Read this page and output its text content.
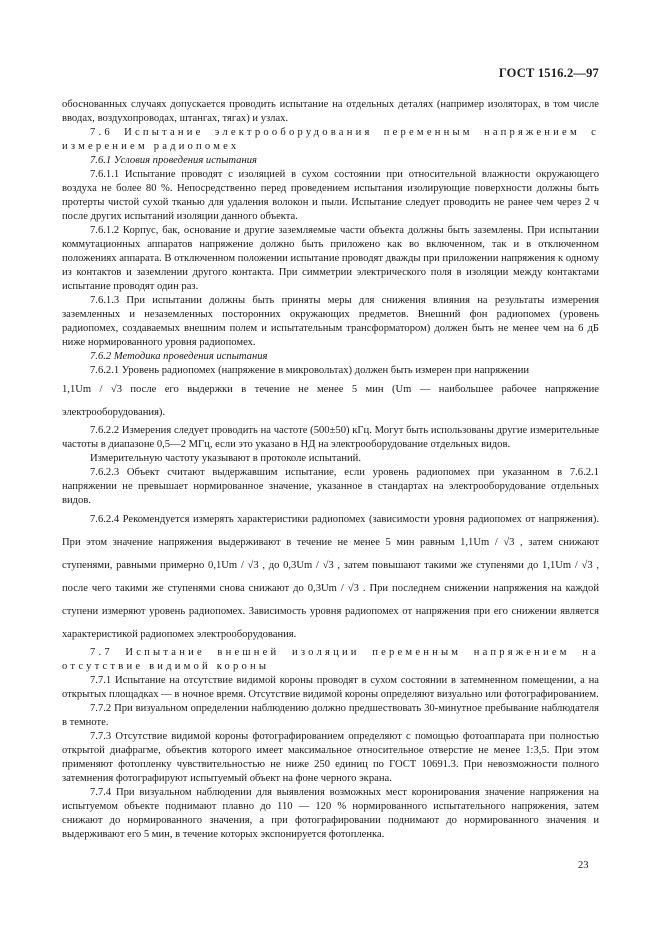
ГОСТ 1516.2—97

обоснованных случаях допускается проводить испытание на отдельных деталях (например изоляторах, в том числе вводах, воздухопроводах, штангах, тягах) и узлах.

7.6 Испытание электрооборудования переменным напряжением с измерением радиопомех

7.6.1 Условия проведения испытания

7.6.1.1 Испытание проводят с изоляцией в сухом состоянии при относительной влажности окружающего воздуха не более 80 %. Непосредственно перед проведением испытания изолирующие поверхности должны быть протерты чистой сухой тканью для удаления волокон и пыли. Испытание следует проводить не ранее чем через 2 ч после других испытаний изоляции данного объекта.

7.6.1.2 Корпус, бак, основание и другие заземляемые части объекта должны быть заземлены. При испытании коммутационных аппаратов напряжение должно быть приложено как во включенном, так и в отключенном положениях аппарата. В отключенном положении испытание проводят дважды при приложении напряжения к одному из контактов и заземлении другого контакта. При симметрии электрического поля в изоляции между контактами испытание проводят один раз.

7.6.1.3 При испытании должны быть приняты меры для снижения влияния на результаты измерения заземленных и незаземленных посторонних окружающих предметов. Внешний фон радиопомех (уровень радиопомех, создаваемых внешним полем и испытательным трансформатором) должен быть не менее чем на 6 дБ ниже нормированного уровня радиопомех.

7.6.2 Методика проведения испытания

7.6.2.1 Уровень радиопомех (напряжение в микровольтах) должен быть измерен при напряжении

1,1Um / √3 после его выдержки в течение не менее 5 мин (Um — наибольшее рабочее напряжение электрооборудования).

7.6.2.2 Измерения следует проводить на частоте (500±50) кГц. Могут быть использованы другие измерительные частоты в диапазоне 0,5—2 МГц, если это указано в НД на электрооборудование отдельных видов.

Измерительную частоту указывают в протоколе испытаний.

7.6.2.3 Объект считают выдержавшим испытание, если уровень радиопомех при указанном в 7.6.2.1 напряжении не превышает нормированное значение, указанное в стандартах на электрооборудование отдельных видов.

7.6.2.4 Рекомендуется измерять характеристики радиопомех (зависимости уровня радиопомех от напряжения). При этом значение напряжения выдерживают в течение не менее 5 мин равным 1,1Um / √3 , затем снижают ступенями, равными примерно 0,1Um / √3 , до 0,3Um / √3 , затем повышают такими же ступенями до 1,1Um / √3 , после чего такими же ступенями снова снижают до 0,3Um / √3 . При последнем снижении напряжения на каждой ступени измеряют уровень радиопомех. Зависимость уровня радиопомех от напряжения при его снижении является характеристикой радиопомех электрооборудования.

7.7 Испытание внешней изоляции переменным напряжением на отсутствие видимой короны

7.7.1 Испытание на отсутствие видимой короны проводят в сухом состоянии в затемненном помещении, а на открытых площадках — в ночное время. Отсутствие видимой короны определяют визуально или фотографированием.

7.7.2 При визуальном определении наблюдению должно предшествовать 30-минутное пребывание наблюдателя в темноте.

7.7.3 Отсутствие видимой короны фотографированием определяют с помощью фотоаппарата при полностью открытой диафрагме, объектив которого имеет максимальное относительное отверстие не менее 1:3,5. При этом применяют фотопленку чувствительностью не ниже 250 единиц по ГОСТ 10691.3. При невозможности полного затемнения фотографируют испытуемый объект на фоне черного экрана.

7.7.4 При визуальном наблюдении для выявления возможных мест коронирования значение напряжения на испытуемом объекте поднимают плавно до 110 — 120 % нормированного испытательного напряжения, затем снижают до нормированного значения, а при фотографировании поднимают до нормированного значения и выдерживают его 5 мин, в течение которых экспонируется фотопленка.

23
